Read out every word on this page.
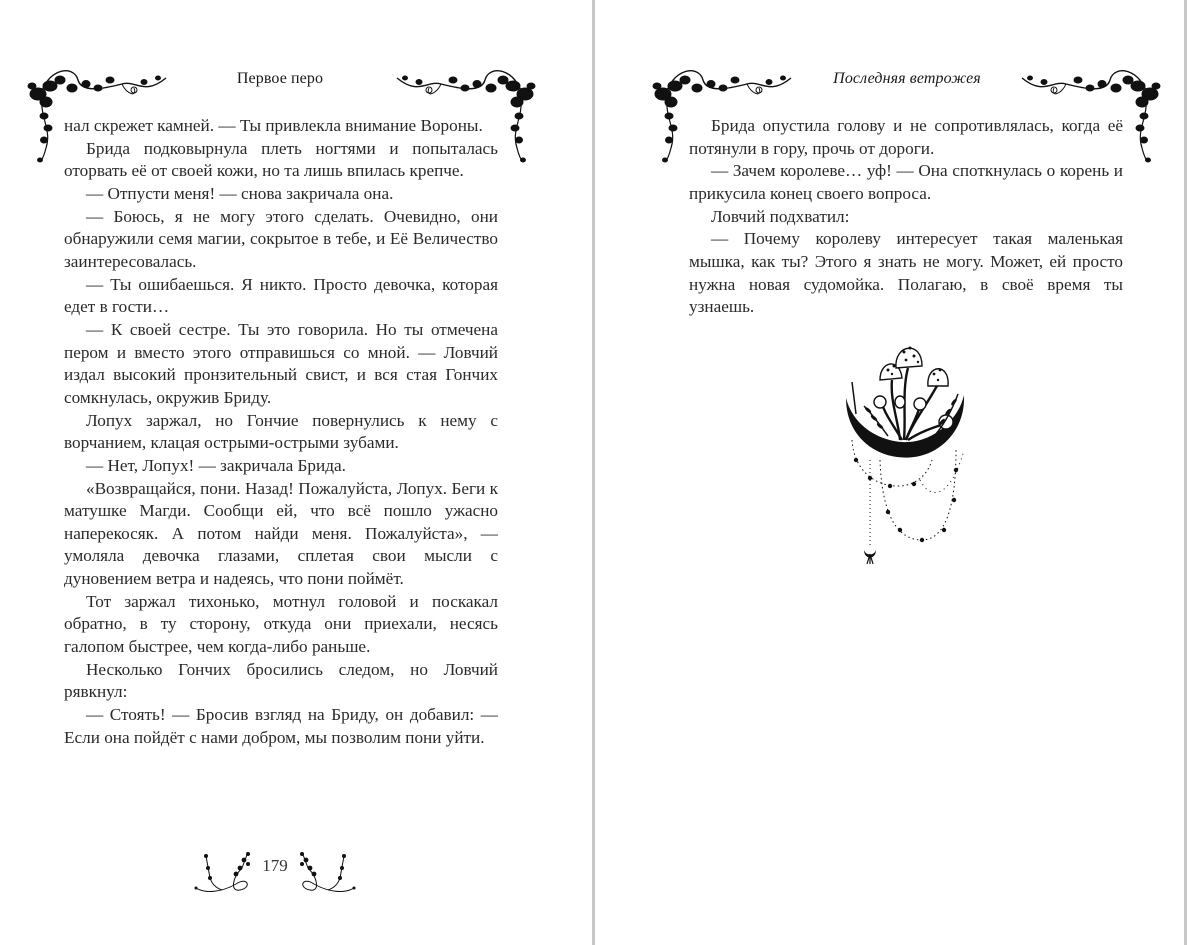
Первое перо

нал скрежет камней. — Ты привлекла внимание Вороны.

Брида подковырнула плеть ногтями и попыталась оторвать её от своей кожи, но та лишь впилась крепче.

— Отпусти меня! — снова закричала она.

— Боюсь, я не могу этого сделать. Очевидно, они обнаружили семя магии, сокрытое в тебе, и Её Величество заинтересовалась.

— Ты ошибаешься. Я никто. Просто девочка, которая едет в гости…

— К своей сестре. Ты это говорила. Но ты отмечена пером и вместо этого отправишься со мной. — Ловчий издал высокий пронзительный свист, и вся стая Гончих сомкнулась, окружив Бриду.

Лопух заржал, но Гончие повернулись к нему с ворчанием, клацая острыми-острыми зубами.

— Нет, Лопух! — закричала Брида.

«Возвращайся, пони. Назад! Пожалуйста, Лопух. Беги к матушке Магди. Сообщи ей, что всё пошло ужасно наперекосяк. А потом найди меня. Пожалуйста», — умоляла девочка глазами, сплетая свои мысли с дуновением ветра и надеясь, что пони поймёт.

Тот заржал тихонько, мотнул головой и поскакал обратно, в ту сторону, откуда они приехали, несясь галопом быстрее, чем когда-либо раньше.

Несколько Гончих бросились следом, но Ловчий рявкнул:

— Стоять! — Бросив взгляд на Бриду, он добавил: — Если она пойдёт с нами добром, мы позволим пони уйти.

179
Последняя ветрожея

Брида опустила голову и не сопротивлялась, когда её потянули в гору, прочь от дороги.

— Зачем королеве… уф! — Она споткнулась о корень и прикусила конец своего вопроса.

Ловчий подхватил:

— Почему королеву интересует такая маленькая мышка, как ты? Этого я знать не могу. Может, ей просто нужна новая судомойка. Полагаю, в своё время ты узнаешь.
